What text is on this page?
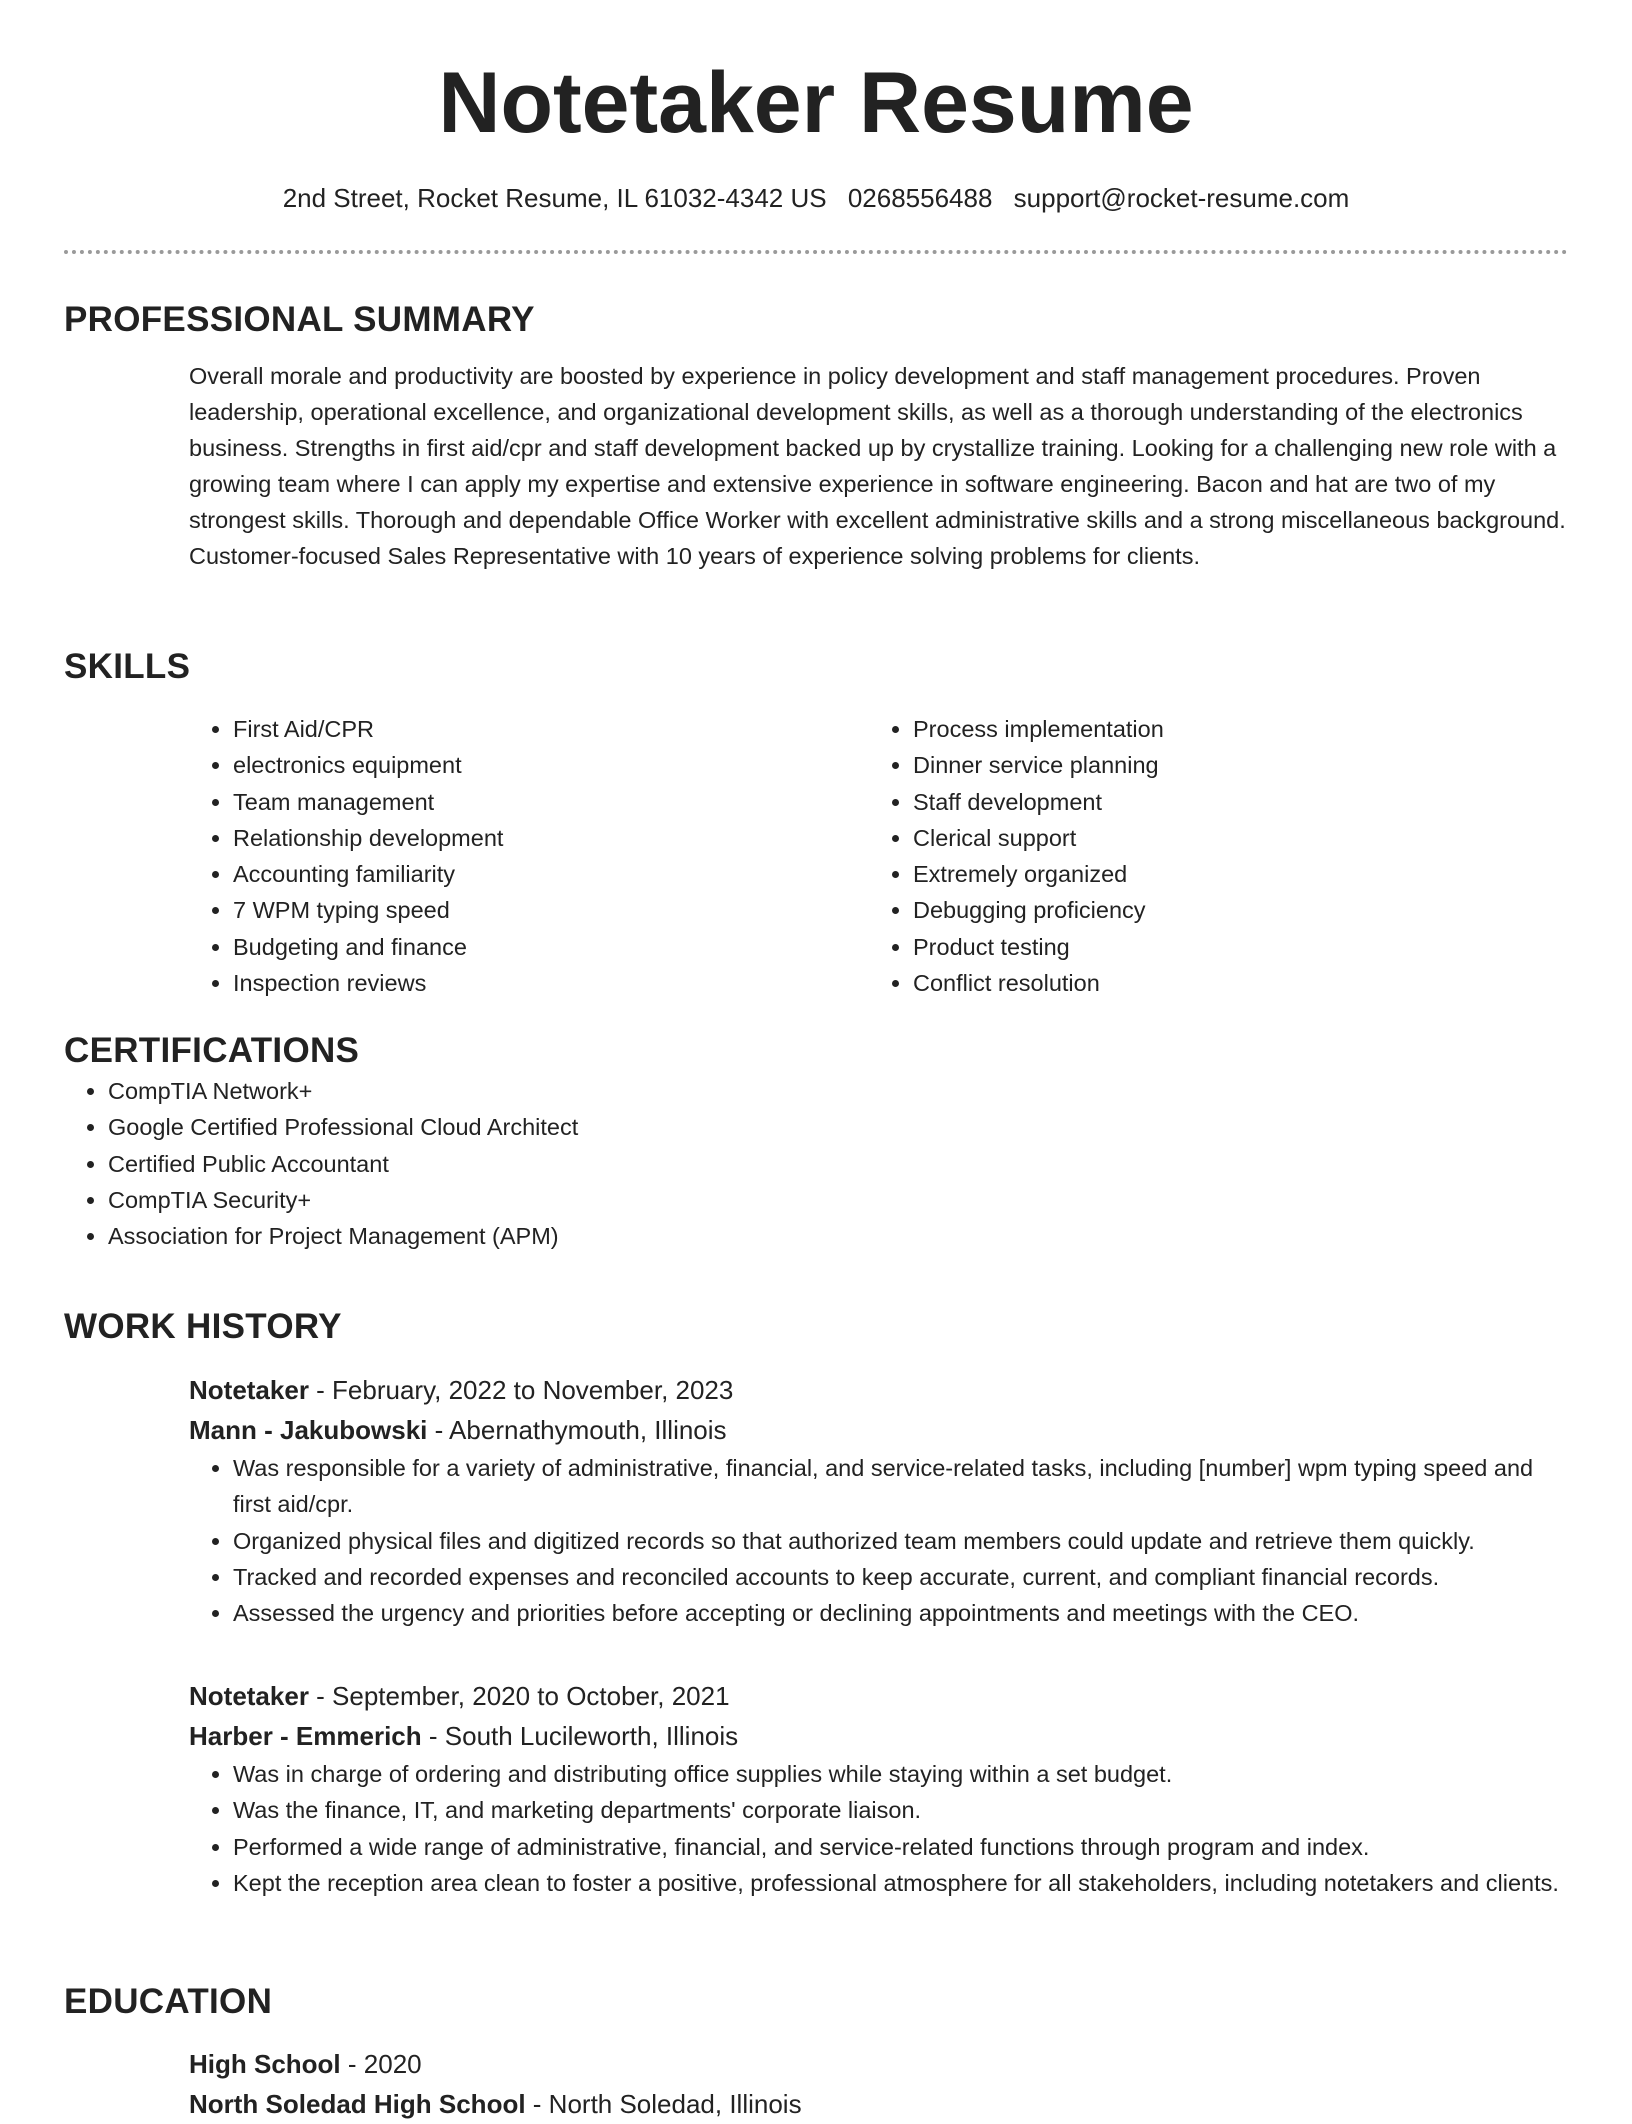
Notetaker Resume
2nd Street, Rocket Resume, IL 61032-4342 US 0268556488 support@rocket-resume.com
PROFESSIONAL SUMMARY

Overall morale and productivity are boosted by experience in policy development and staff management procedures. Proven leadership, operational excellence, and organizational development skills, as well as a thorough understanding of the electronics business. Strengths in first aid/cpr and staff development backed up by crystallize training. Looking for a challenging new role with a growing team where I can apply my expertise and extensive experience in software engineering. Bacon and hat are two of my strongest skills. Thorough and dependable Office Worker with excellent administrative skills and a strong miscellaneous background. Customer-focused Sales Representative with 10 years of experience solving problems for clients.

SKILLS
• First Aid/CPR
• electronics equipment
• Team management
• Relationship development
• Accounting familiarity
• 7 WPM typing speed
• Budgeting and finance
• Inspection reviews
• Process implementation
• Dinner service planning
• Staff development
• Clerical support
• Extremely organized
• Debugging proficiency
• Product testing
• Conflict resolution
CERTIFICATIONS
• CompTIA Network+
• Google Certified Professional Cloud Architect
• Certified Public Accountant
• CompTIA Security+
• Association for Project Management (APM)
WORK HISTORY
Notetaker - February, 2022 to November, 2023
Mann - Jakubowski - Abernathymouth, Illinois
• Was responsible for a variety of administrative, financial, and service-related tasks, including [number] wpm typing speed and first aid/cpr.
• Organized physical files and digitized records so that authorized team members could update and retrieve them quickly.
• Tracked and recorded expenses and reconciled accounts to keep accurate, current, and compliant financial records.
• Assessed the urgency and priorities before accepting or declining appointments and meetings with the CEO.
Notetaker - September, 2020 to October, 2021
Harber - Emmerich - South Lucileworth, Illinois
• Was in charge of ordering and distributing office supplies while staying within a set budget.
• Was the finance, IT, and marketing departments' corporate liaison.
• Performed a wide range of administrative, financial, and service-related functions through program and index.
• Kept the reception area clean to foster a positive, professional atmosphere for all stakeholders, including notetakers and clients.
EDUCATION
High School - 2020
North Soledad High School - North Soledad, Illinois
